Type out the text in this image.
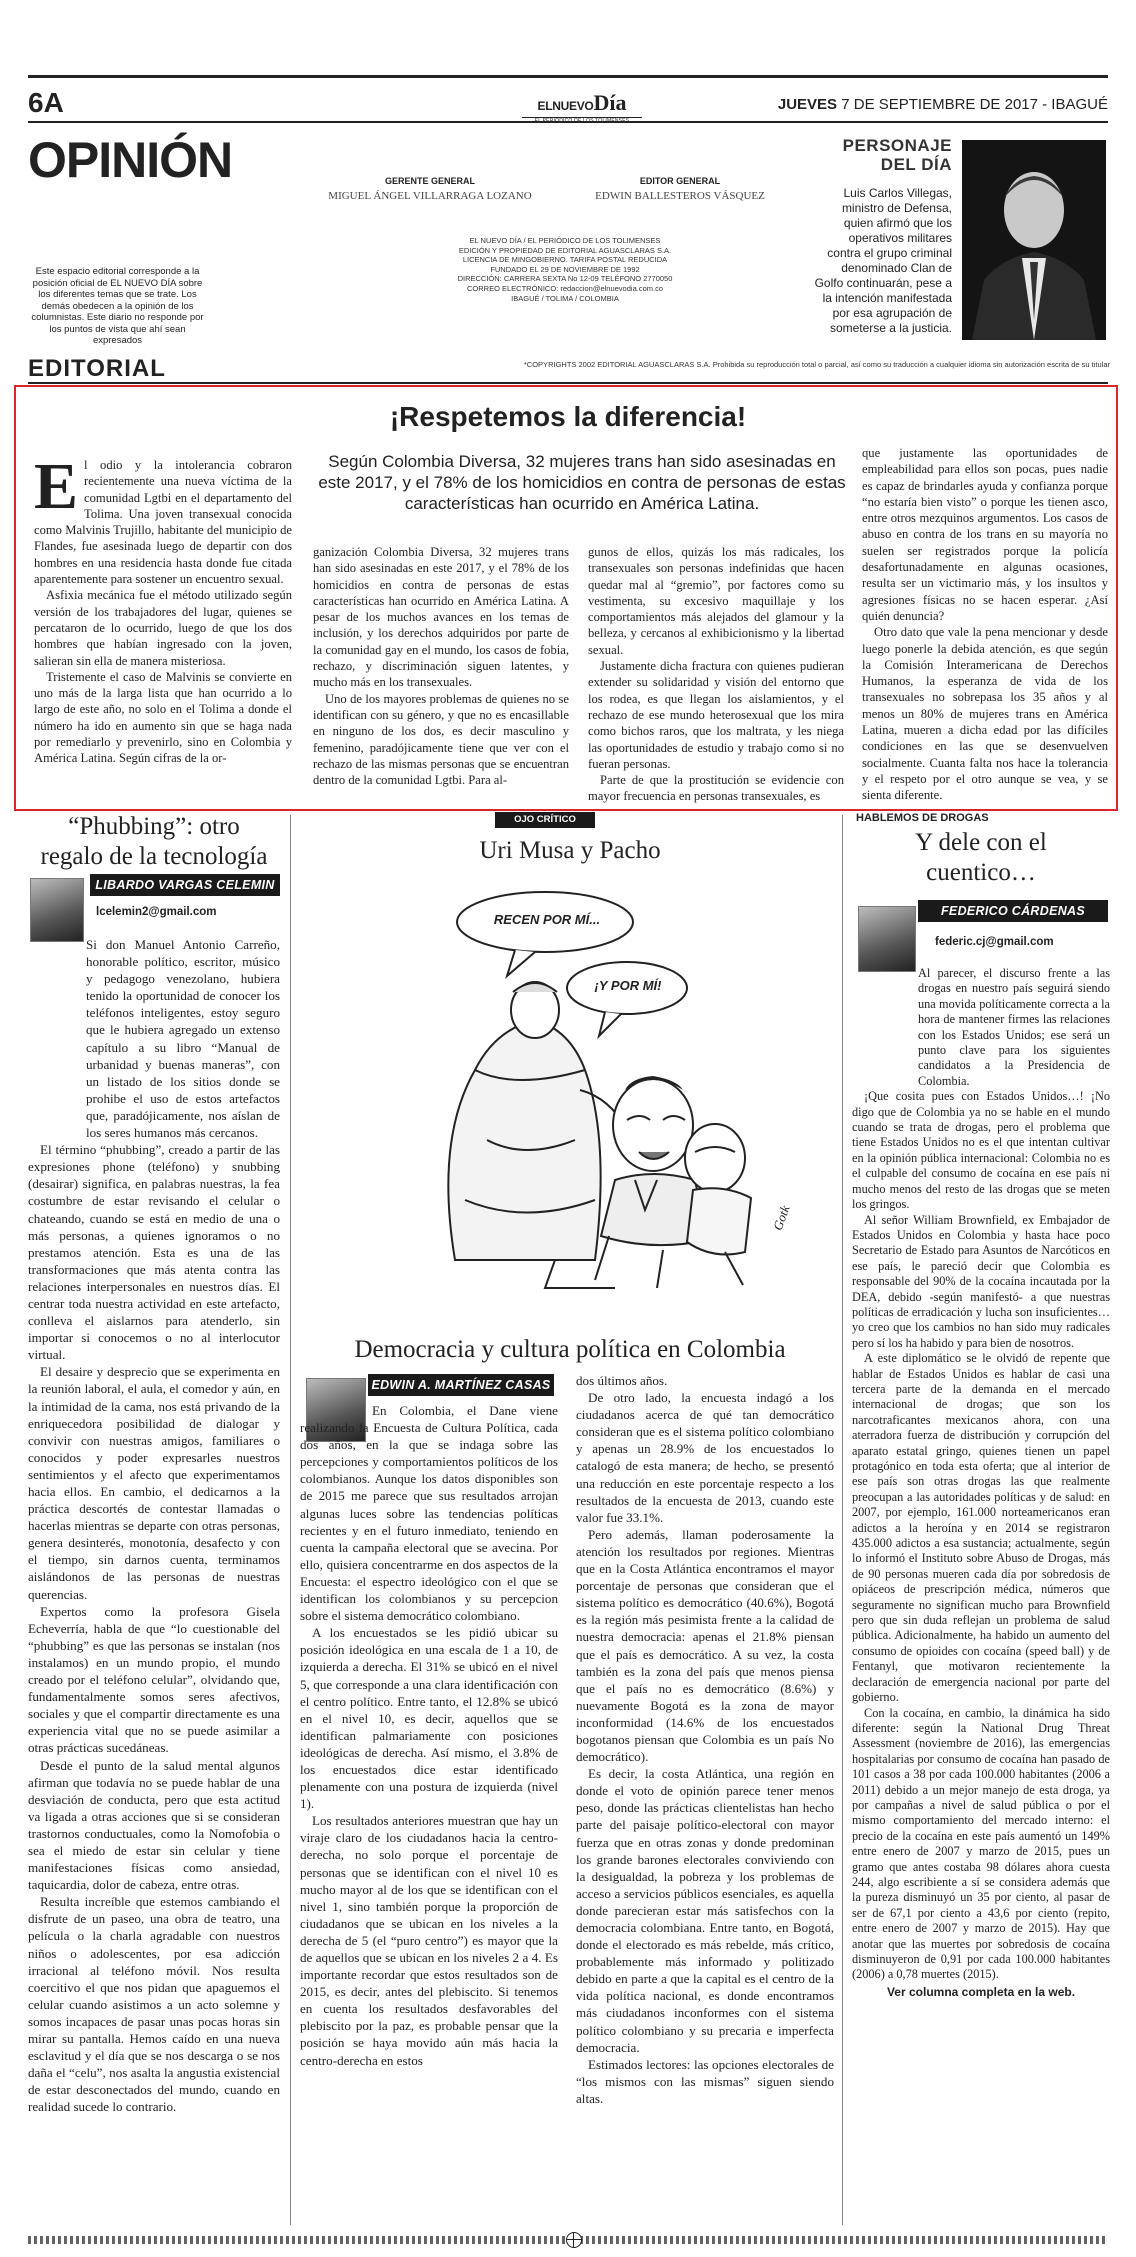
6A	ELNUEVODía	JUEVES 7 DE SEPTIEMBRE DE 2017 - IBAGUÉ
OPINIÓN
Este espacio editorial corresponde a la posición oficial de EL NUEVO DÍA sobre los diferentes temas que se trate. Los demás obedecen a la opinión de los columnistas. Este diario no responde por los puntos de vista que ahí sean expresados
GERENTE GENERAL
MIGUEL ÁNGEL VILLARRAGA LOZANO
EDITOR GENERAL
EDWIN BALLESTEROS VÁSQUEZ
EL NUEVO DÍA / EL PERIÓDICO DE LOS TOLIMENSES
EDICIÓN Y PROPIEDAD DE EDITORIAL AGUASCLARAS S.A.
LICENCIA DE MINGOBIERNO. TARIFA POSTAL REDUCIDA
FUNDADO EL 29 DE NOVIEMBRE DE 1992
DIRECCIÓN: CARRERA SEXTA No 12-09 TELÉFONO 2770050
CORREO ELECTRÓNICO: redaccion@elnuevodia.com.co
IBAGUÉ / TOLIMA / COLOMBIA
PERSONAJE
DEL DÍA
Luis Carlos Villegas, ministro de Defensa, quien afirmó que los operativos militares contra el grupo criminal denominado Clan de Golfo continuarán, pese a la intención manifestada por esa agrupación de someterse a la justicia.
*COPYRIGHTS 2002 EDITORIAL AGUASCLARAS S.A. Prohibida su reproducción total o parcial, así como su traducción a cualquier idioma sin autorización escrita de su titular
EDITORIAL
¡Respetemos la diferencia!
Según Colombia Diversa, 32 mujeres trans han sido asesinadas en este 2017, y el 78% de los homicidios en contra de personas de estas características han ocurrido en América Latina.

El odio y la intolerancia cobraron recientemente una nueva víctima de la comunidad Lgtbi en el departamento del Tolima. Una joven transexual conocida como Malvinis Trujillo, habitante del municipio de Flandes, fue asesinada luego de departir con dos hombres en una residencia hasta donde fue citada aparentemente para sostener un encuentro sexual.

Asfixia mecánica fue el método utilizado según versión de los trabajadores del lugar, quienes se percataron de lo ocurrido, luego de que los dos hombres que habían ingresado con la joven, salieran sin ella de manera misteriosa.

Tristemente el caso de Malvinis se convierte en uno más de la larga lista que han ocurrido a lo largo de este año, no solo en el Tolima a donde el número ha ido en aumento sin que se haga nada por remediarlo y prevenirlo, sino en Colombia y América Latina. Según cifras de la or-

ganización Colombia Diversa, 32 mujeres trans han sido asesinadas en este 2017, y el 78% de los homicidios en contra de personas de estas características han ocurrido en América Latina. A pesar de los muchos avances en los temas de inclusión, y los derechos adquiridos por parte de la comunidad gay en el mundo, los casos de fobia, rechazo, y discriminación siguen latentes, y mucho más en los transexuales.

Uno de los mayores problemas de quienes no se identifican con su género, y que no es encasillable en ninguno de los dos, es decir masculino y femenino, paradójicamente tiene que ver con el rechazo de las mismas personas que se encuentran dentro de la comunidad Lgtbi. Para al-

gunos de ellos, quizás los más radicales, los transexuales son personas indefinidas que hacen quedar mal al “gremio”, por factores como su vestimenta, su excesivo maquillaje y los comportamientos más alejados del glamour y la belleza, y cercanos al exhibicionismo y la libertad sexual.

Justamente dicha fractura con quienes pudieran extender su solidaridad y visión del entorno que los rodea, es que llegan los aislamientos, y el rechazo de ese mundo heterosexual que los mira como bichos raros, que los maltrata, y les niega las oportunidades de estudio y trabajo como si no fueran personas.

Parte de que la prostitución se evidencie con mayor frecuencia en personas transexuales, es

que justamente las oportunidades de empleabilidad para ellos son pocas, pues nadie es capaz de brindarles ayuda y confianza porque “no estaría bien visto” o porque les tienen asco, entre otros mezquinos argumentos. Los casos de abuso en contra de los trans en su mayoría no suelen ser registrados porque la policía desafortunadamente en algunas ocasiones, resulta ser un victimario más, y los insultos y agresiones físicas no se hacen esperar. ¿Así quién denuncia?

Otro dato que vale la pena mencionar y desde luego ponerle la debida atención, es que según la Comisión Interamericana de Derechos Humanos, la esperanza de vida de los transexuales no sobrepasa los 35 años y al menos un 80% de mujeres trans en América Latina, mueren a dicha edad por las difíciles condiciones en las que se desenvuelven socialmente. Cuanta falta nos hace la tolerancia y el respeto por el otro aunque se vea, y se sienta diferente.

“Phubbing”: otro
regalo de la tecnología
LIBARDO VARGAS CELEMIN
lcelemin2@gmail.com

Si don Manuel Antonio Carreño, honorable político, escritor, músico y pedagogo venezolano, hubiera tenido la oportunidad de conocer los teléfonos inteligentes, estoy seguro que le hubiera agregado un extenso capítulo a su libro “Manual de urbanidad y buenas maneras”, con un listado de los sitios donde se prohibe el uso de estos artefactos que, paradójicamente, nos aíslan de los seres humanos más cercanos.

El término “phubbing”, creado a partir de las expresiones phone (teléfono) y snubbing (desairar) significa, en palabras nuestras, la fea costumbre de estar revisando el celular o chateando, cuando se está en medio de una o más personas, a quienes ignoramos o no prestamos atención. Esta es una de las transformaciones que más atenta contra las relaciones interpersonales en nuestros días. El centrar toda nuestra actividad en este artefacto, conlleva el aislarnos para atenderlo, sin importar si conocemos o no al interlocutor virtual.

El desaire y desprecio que se experimenta en la reunión laboral, el aula, el comedor y aún, en la intimidad de la cama, nos está privando de la enriquecedora posibilidad de dialogar y convivir con nuestras amigos, familiares o conocidos y poder expresarles nuestros sentimientos y el afecto que experimentamos hacia ellos. En cambio, el dedicarnos a la práctica descortés de contestar llamadas o hacerlas mientras se departe con otras personas, genera desinterés, monotonía, desafecto y con el tiempo, sin darnos cuenta, terminamos aislándonos de las personas de nuestras querencias.

Expertos como la profesora Gisela Echeverría, habla de que “lo cuestionable del “phubbing” es que las personas se instalan (nos instalamos) en un mundo propio, el mundo creado por el teléfono celular”, olvidando que, fundamentalmente somos seres afectivos, sociales y que el compartir directamente es una experiencia vital que no se puede asimilar a otras prácticas sucedáneas.

Desde el punto de la salud mental algunos afirman que todavía no se puede hablar de una desviación de conducta, pero que esta actitud va ligada a otras acciones que si se consideran trastornos conductuales, como la Nomofobia o sea el miedo de estar sin celular y tiene manifestaciones físicas como ansiedad, taquicardia, dolor de cabeza, entre otras.

Resulta increíble que estemos cambiando el disfrute de un paseo, una obra de teatro, una película o la charla agradable con nuestros niños o adolescentes, por esa adicción irracional al teléfono móvil. Nos resulta coercitivo el que nos pidan que apaguemos el celular cuando asistimos a un acto solemne y somos incapaces de pasar unas pocas horas sin mirar su pantalla. Hemos caído en una nueva esclavitud y el día que se nos descarga o se nos daña el “celu”, nos asalta la angustia existencial de estar desconectados del mundo, cuando en realidad sucede lo contrario.

OJO CRÍTICO
Uri Musa y Pacho
RECEN POR MÍ...
¡Y POR MÍ!
Gotk
Democracia y cultura política en Colombia
EDWIN A. MARTÍNEZ CASAS

En Colombia, el Dane viene realizando la Encuesta de Cultura Política, cada dos años, en la que se indaga sobre las percepciones y comportamientos políticos de los colombianos. Aunque los datos disponibles son de 2015 me parece que sus resultados arrojan algunas luces sobre las tendencias políticas recientes y en el futuro inmediato, teniendo en cuenta la campaña electoral que se avecina. Por ello, quisiera concentrarme en dos aspectos de la Encuesta: el espectro ideológico con el que se identifican los colombianos y su percepcion sobre el sistema democrático colombiano.

A los encuestados se les pidió ubicar su posición ideológica en una escala de 1 a 10, de izquierda a derecha. El 31% se ubicó en el nivel 5, que corresponde a una clara identificación con el centro político. Entre tanto, el 12.8% se ubicó en el nivel 10, es decir, aquellos que se identifican palmariamente con posiciones ideológicas de derecha. Así mismo, el 3.8% de los encuestados dice estar identificado plenamente con una postura de izquierda (nivel 1).

Los resultados anteriores muestran que hay un viraje claro de los ciudadanos hacia la centro-derecha, no solo porque el porcentaje de personas que se identifican con el nivel 10 es mucho mayor al de los que se identifican con el nivel 1, sino también porque la proporción de ciudadanos que se ubican en los niveles a la derecha de 5 (el “puro centro”) es mayor que la de aquellos que se ubican en los niveles 2 a 4. Es importante recordar que estos resultados son de 2015, es decir, antes del plebiscito. Si tenemos en cuenta los resultados desfavorables del plebiscito por la paz, es probable pensar que la posición se haya movido aún más hacia la centro-derecha en estos

dos últimos años.

De otro lado, la encuesta indagó a los ciudadanos acerca de qué tan democrático consideran que es el sistema político colombiano y apenas un 28.9% de los encuestados lo catalogó de esta manera; de hecho, se presentó una reducción en este porcentaje respecto a los resultados de la encuesta de 2013, cuando este valor fue 33.1%.

Pero además, llaman poderosamente la atención los resultados por regiones. Mientras que en la Costa Atlántica encontramos el mayor porcentaje de personas que consideran que el sistema político es democrático (40.6%), Bogotá es la región más pesimista frente a la calidad de nuestra democracia: apenas el 21.8% piensan que el país es democrático. A su vez, la costa también es la zona del país que menos piensa que el país no es democrático (8.6%) y nuevamente Bogotá es la zona de mayor inconformidad (14.6% de los encuestados bogotanos piensan que Colombia es un país No democrático).

Es decir, la costa Atlántica, una región en donde el voto de opinión parece tener menos peso, donde las prácticas clientelistas han hecho parte del paisaje político-electoral con mayor fuerza que en otras zonas y donde predominan los grande barones electorales conviviendo con la desigualdad, la pobreza y los problemas de acceso a servicios públicos esenciales, es aquella donde parecieran estar más satisfechos con la democracia colombiana. Entre tanto, en Bogotá, donde el electorado es más rebelde, más crítico, probablemente más informado y politizado debido en parte a que la capital es el centro de la vida política nacional, es donde encontramos más ciudadanos inconformes con el sistema político colombiano y su precaria e imperfecta democracia.

Estimados lectores: las opciones electorales de “los mismos con las mismas” siguen siendo altas.

HABLEMOS DE DROGAS
Y dele con el
cuentico…
FEDERICO CÁRDENAS JIMÉNEZ
federic.cj@gmail.com

Al parecer, el discurso frente a las drogas en nuestro país seguirá siendo una movida políticamente correcta a la hora de mantener firmes las relaciones con los Estados Unidos; ese será un punto clave para los siguientes candidatos a la Presidencia de Colombia.

¡Que cosita pues con Estados Unidos…! ¡No digo que de Colombia ya no se hable en el mundo cuando se trata de drogas, pero el problema que tiene Estados Unidos no es el que intentan cultivar en la opinión pública internacional: Colombia no es el culpable del consumo de cocaína en ese país ni mucho menos del resto de las drogas que se meten los gringos.

Al señor William Brownfield, ex Embajador de Estados Unidos en Colombia y hasta hace poco Secretario de Estado para Asuntos de Narcóticos en ese país, le pareció decir que Colombia es responsable del 90% de la cocaína incautada por la DEA, debido -según manifestó- a que nuestras políticas de erradicación y lucha son insuficientes… yo creo que los cambios no han sido muy radicales pero sí los ha habido y para bien de nosotros.

A este diplomático se le olvidó de repente que hablar de Estados Unidos es hablar de casi una tercera parte de la demanda en el mercado internacional de drogas; que son los narcotraficantes mexicanos ahora, con una aterradora fuerza de distribución y corrupción del aparato estatal gringo, quienes tienen un papel protagónico en toda esta oferta; que al interior de ese país son otras drogas las que realmente preocupan a las autoridades políticas y de salud: en 2007, por ejemplo, 161.000 norteamericanos eran adictos a la heroína y en 2014 se registraron 435.000 adictos a esa sustancia; actualmente, según lo informó el Instituto sobre Abuso de Drogas, más de 90 personas mueren cada día por sobredosis de opiáceos de prescripción médica, números que seguramente no significan mucho para Brownfield pero que sin duda reflejan un problema de salud pública. Adicionalmente, ha habido un aumento del consumo de opioides con cocaína (speed ball) y de Fentanyl, que motivaron recientemente la declaración de emergencia nacional por parte del gobierno.

Con la cocaína, en cambio, la dinámica ha sido diferente: según la National Drug Threat Assessment (noviembre de 2016), las emergencias hospitalarias por consumo de cocaína han pasado de 101 casos a 38 por cada 100.000 habitantes (2006 a 2011) debido a un mejor manejo de esta droga, ya por campañas a nivel de salud pública o por el mismo comportamiento del mercado interno: el precio de la cocaína en este país aumentó un 149% entre enero de 2007 y marzo de 2015, pues un gramo que antes costaba 98 dólares ahora cuesta 244, algo escribiente a sí se considera además que la pureza disminuyó un 35 por ciento, al pasar de ser de 67,1 por ciento a 43,6 por ciento (repito, entre enero de 2007 y marzo de 2015). Hay que anotar que las muertes por sobredosis de cocaína disminuyeron de 0,91 por cada 100.000 habitantes (2006) a 0,78 muertes (2015).

Ver columna completa en la web.
